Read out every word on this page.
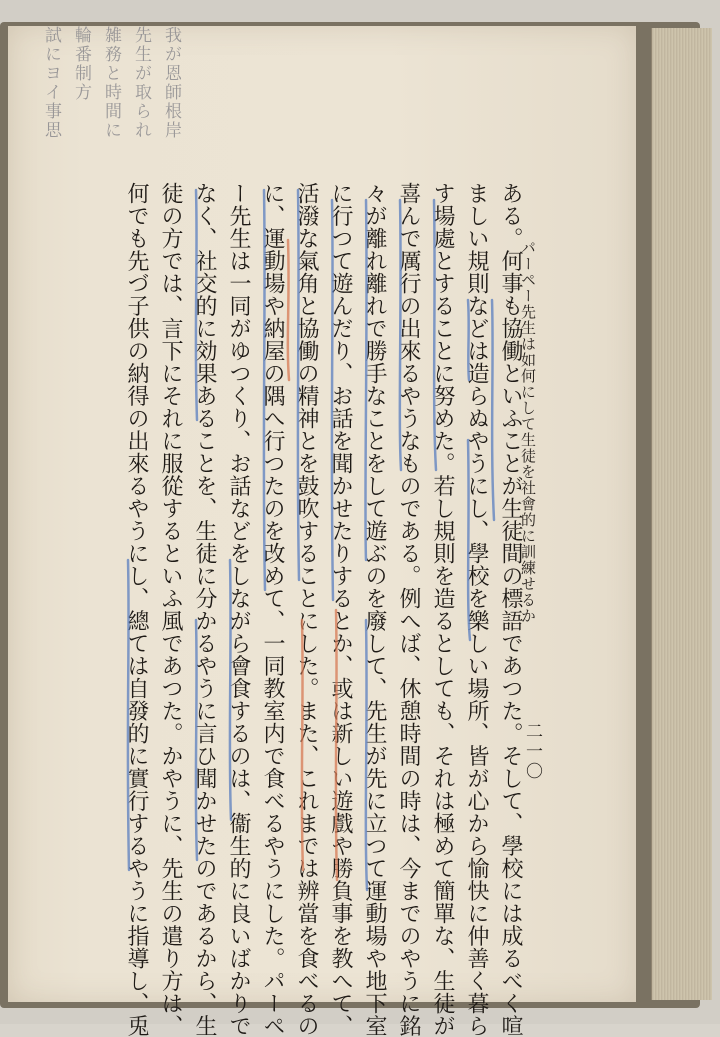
我が恩師根岸
先生が取られ
雑務と時間に
輪番制方
試にヨイ事思
パーペー先生は如何にして生徒を社會的に訓練せるか
二一〇
ある。何事も協働といふことが生徒間の標語であつた。そして、學校には成るべく喧
ましい規則などは造らぬやうにし、學校を樂しい場所、皆が心から愉快に仲善く暮ら
す場處とすることに努めた。若し規則を造るとしても、それは極めて簡單な、生徒が
喜んで厲行の出來るやうなものである。例へば、休憩時間の時は、今までのやうに銘
々が離れ離れで勝手なことをして遊ぶのを廢して、先生が先に立つて運動場や地下室
に行つて遊んだり、お話を聞かせたりするとか、或は新しい遊戲や勝負事を教へて、
活潑な氣角と協働の精神とを鼓吹することにした。また、これまでは辨當を食べるの
に、運動場や納屋の隅へ行つたのを改めて、一同教室内で食べるやうにした。パーペ
ー先生は一同がゆつくり、お話などをしながら會食するのは、衞生的に良いばかりで
なく、社交的に効果あることを、生徒に分かるやうに言ひ聞かせたのであるから、生
徒の方では、言下にそれに服從するといふ風であつた。かやうに、先生の遣り方は、
何でも先づ子供の納得の出來るやうにし、總ては自發的に實行するやうに指導し、兎
